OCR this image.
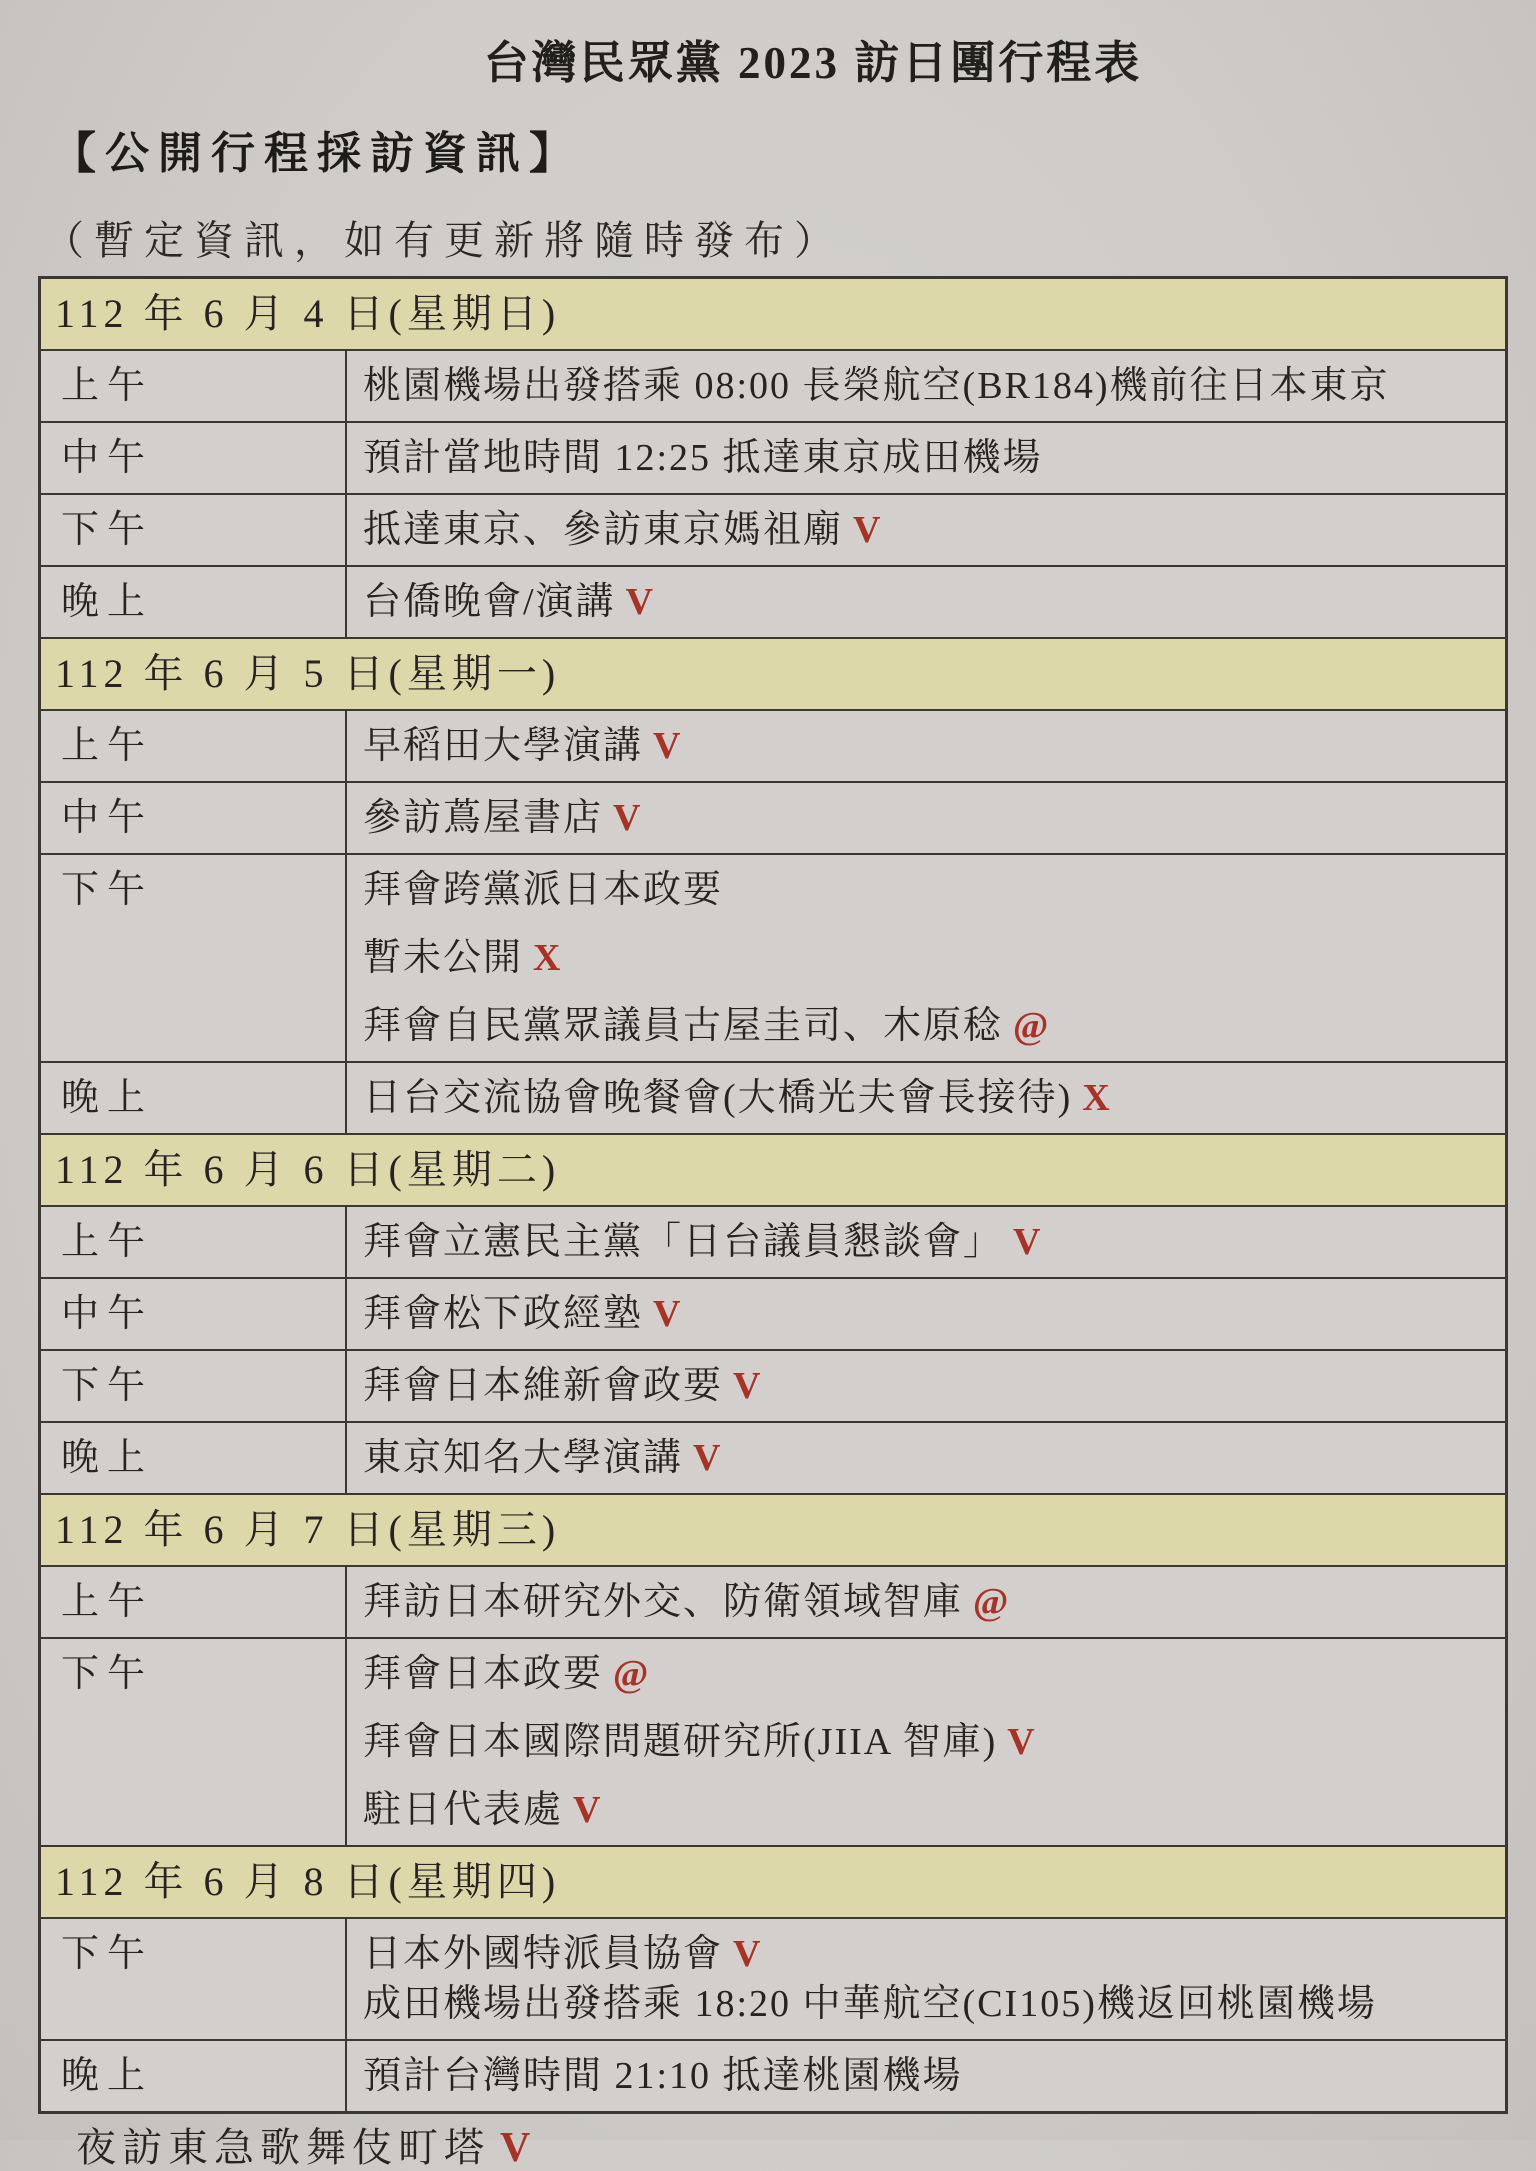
台灣民眾黨 2023 訪日團行程表
【公開行程採訪資訊】
（暫定資訊，如有更新將隨時發布）
112 年 6 月 4 日(星期日)
上午	桃園機場出發搭乘 08:00 長榮航空(BR184)機前往日本東京
中午	預計當地時間 12:25 抵達東京成田機場
下午	抵達東京、參訪東京媽祖廟 V
晚上	台僑晚會/演講 V
112 年 6 月 5 日(星期一)
上午	早稻田大學演講 V
中午	參訪蔦屋書店 V
下午	拜會跨黨派日本政要
暫未公開 X
拜會自民黨眾議員古屋圭司、木原稔 @
晚上	日台交流協會晚餐會(大橋光夫會長接待) X
112 年 6 月 6 日(星期二)
上午	拜會立憲民主黨「日台議員懇談會」 V
中午	拜會松下政經塾 V
下午	拜會日本維新會政要 V
晚上	東京知名大學演講 V
112 年 6 月 7 日(星期三)
上午	拜訪日本研究外交、防衛領域智庫 @
下午	拜會日本政要 @
拜會日本國際問題研究所(JIIA 智庫) V
駐日代表處 V
112 年 6 月 8 日(星期四)
下午	日本外國特派員協會 V
成田機場出發搭乘 18:20 中華航空(CI105)機返回桃園機場
晚上	預計台灣時間 21:10 抵達桃園機場
夜訪東急歌舞伎町塔 V
